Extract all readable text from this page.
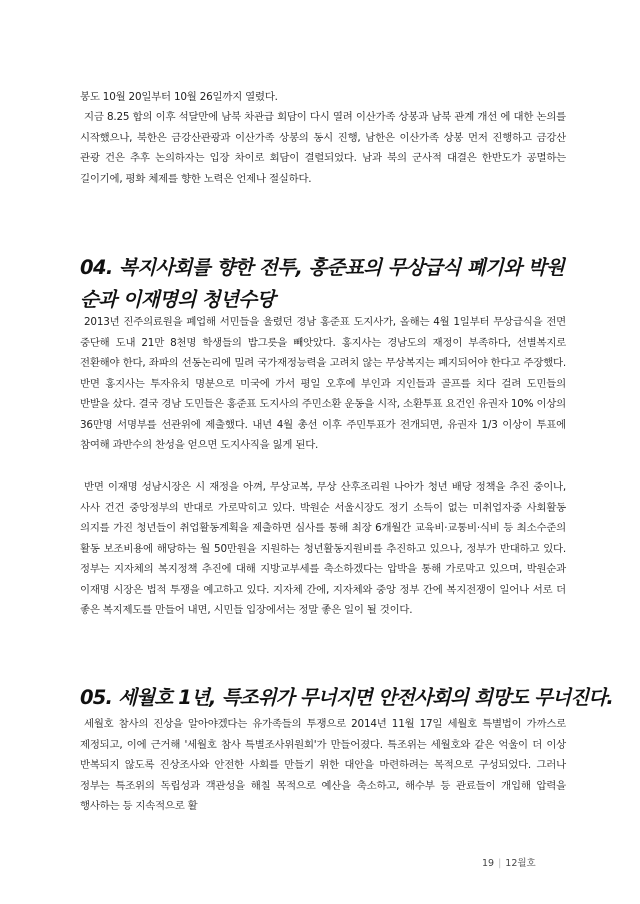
봉도 10월 20일부터 10월 26일까지 열렸다.

지금 8.25 합의 이후 석달만에 남북 차관급 회담이 다시 열려 이산가족 상봉과 남북 관계 개선 에 대한 논의를 시작했으나, 북한은 금강산관광과 이산가족 상봉의 동시 진행, 남한은 이산가족 상봉 먼저 진행하고 금강산 관광 건은 추후 논의하자는 입장 차이로 회담이 결렬되었다. 남과 북의 군사적 대결은 한반도가 공멸하는 길이기에, 평화 체제를 향한 노력은 언제나 절실하다.

04. 복지사회를 향한 전투, 홍준표의 무상급식 폐기와 박원순과 이재명의 청년수당

2013년 진주의료원을 폐업해 서민들을 울렸던 경남 홍준표 도지사가, 올해는 4월 1일부터 무상급식을 전면 중단해 도내 21만 8천명 학생들의 밥그릇을 빼앗았다. 홍지사는 경남도의 재정이 부족하다, 선별복지로 전환해야 한다, 좌파의 선동논리에 밀려 국가재정능력을 고려치 않는 무상복지는 폐지되어야 한다고 주장했다. 반면 홍지사는 투자유치 명분으로 미국에 가서 평일 오후에 부인과 지인들과 골프를 치다 걸려 도민들의 반발을 샀다. 결국 경남 도민들은 홍준표 도지사의 주민소환 운동을 시작, 소환투표 요건인 유권자 10% 이상의 36만명 서명부를 선관위에 제출했다. 내년 4월 총선 이후 주민투표가 전개되면, 유권자 1/3 이상이 투표에 참여해 과반수의 찬성을 얻으면 도지사직을 잃게 된다.

반면 이재명 성남시장은 시 재정을 아껴, 무상교복, 무상 산후조리원 나아가 청년 배당 정책을 추진 중이나, 사사 건건 중앙정부의 반대로 가로막히고 있다. 박원순 서울시장도 정기 소득이 없는 미취업자중 사회활동 의지를 가진 청년들이 취업활동계획을 제출하면 심사를 통해 최장 6개월간 교육비·교통비·식비 등 최소수준의 활동 보조비용에 해당하는 월 50만원을 지원하는 청년활동지원비를 추진하고 있으나, 정부가 반대하고 있다. 정부는 지자체의 복지정책 추진에 대해 지방교부세를 축소하겠다는 압박을 통해 가로막고 있으며, 박원순과 이재명 시장은 법적 투쟁을 예고하고 있다. 지자체 간에, 지자체와 중앙 정부 간에 복지전쟁이 일어나 서로 더 좋은 복지제도를 만들어 내면, 시민들 입장에서는 정말 좋은 일이 될 것이다.

05. 세월호 1년, 특조위가 무너지면 안전사회의 희망도 무너진다.

세월호 참사의 진상을 알아야겠다는 유가족들의 투쟁으로 2014년 11월 17일 세월호 특별법이 가까스로 제정되고, 이에 근거해 '세월호 참사 특별조사위원회'가 만들어졌다. 특조위는 세월호와 같은 억울이 더 이상 반복되지 않도록 진상조사와 안전한 사회를 만들기 위한 대안을 마련하려는 목적으로 구성되었다. 그러나 정부는 특조위의 독립성과 객관성을 해칠 목적으로 예산을 축소하고, 해수부 등 관료들이 개입해 압력을 행사하는 등 지속적으로 활

19 | 12월호
